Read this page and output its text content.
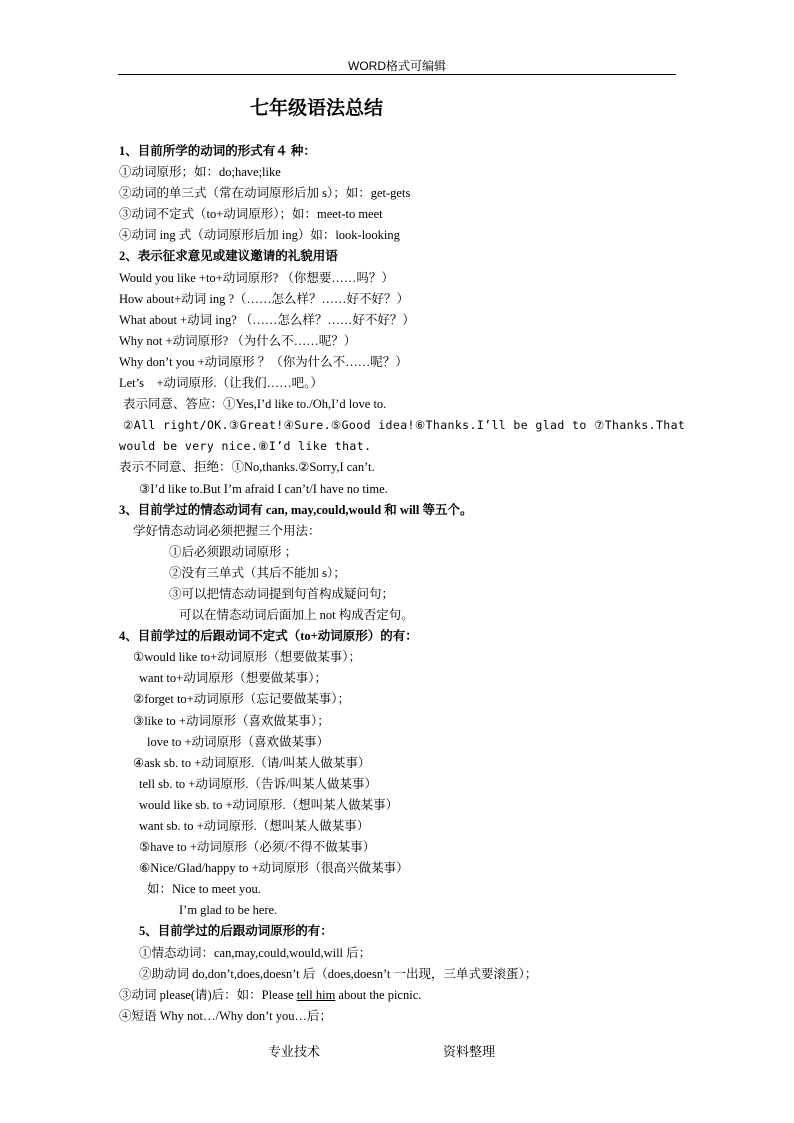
WORD格式可编辑
七年级语法总结
1、目前所学的动词的形式有４ 种：
①动词原形；如：do;have;like
②动词的单三式（常在动词原形后加 s）；如：get-gets
③动词不定式（to+动词原形）；如：meet-to meet
④动词 ing 式（动词原形后加 ing）如：look-looking
2、表示征求意见或建议邀请的礼貌用语
Would you like +to+动词原形? （你想要……吗？）
How about+动词 ing ?（……怎么样？……好不好？）
What about +动词 ing? （……怎么样？……好不好？）
Why not +动词原形? （为什么不……呢？）
Why don’t you +动词原形 ？（你为什么不……呢？）
Let’s　+动词原形.（让我们……吧。）
表示同意、答应：①Yes,I’d like to./Oh,I’d love to.
②All right/OK.③Great!④Sure.⑤Good idea!⑥Thanks.I’ll be glad to ⑦Thanks.That
would be very nice.⑧I’d like that.
表示不同意、拒绝：①No,thanks.②Sorry,I can’t.
③I’d like to.But I’m afraid I can’t/I have no time.
3、目前学过的情态动词有 can, may,could,would 和 will 等五个。
学好情态动词必须把握三个用法：
①后必须跟动词原形 ；
②没有三单式（其后不能加 s）；
③可以把情态动词提到句首构成疑问句；
可以在情态动词后面加上 not 构成否定句。
4、目前学过的后跟动词不定式（to+动词原形）的有：
①would like to+动词原形（想要做某事）；
want to+动词原形（想要做某事）；
②forget to+动词原形（忘记要做某事）；
③like to +动词原形（喜欢做某事）；
love to +动词原形（喜欢做某事）
④ask sb. to +动词原形.（请/叫某人做某事）
tell sb. to +动词原形.（告诉/叫某人做某事）
would like sb. to +动词原形.（想叫某人做某事）
want sb. to +动词原形.（想叫某人做某事）
⑤have to +动词原形（必须/不得不做某事）
⑥Nice/Glad/happy to +动词原形（很高兴做某事）
如：Nice to meet you.
I’m glad to be here.
5、目前学过的后跟动词原形的有：
①情态动词：can,may,could,would,will 后；
②助动词 do,don’t,does,doesn’t 后（does,doesn’t 一出现，三单式要滚蛋）；
③动词 please(请)后：如：Please tell him about the picnic.
④短语 Why not…/Why don’t you…后；
专业技术	资料整理
